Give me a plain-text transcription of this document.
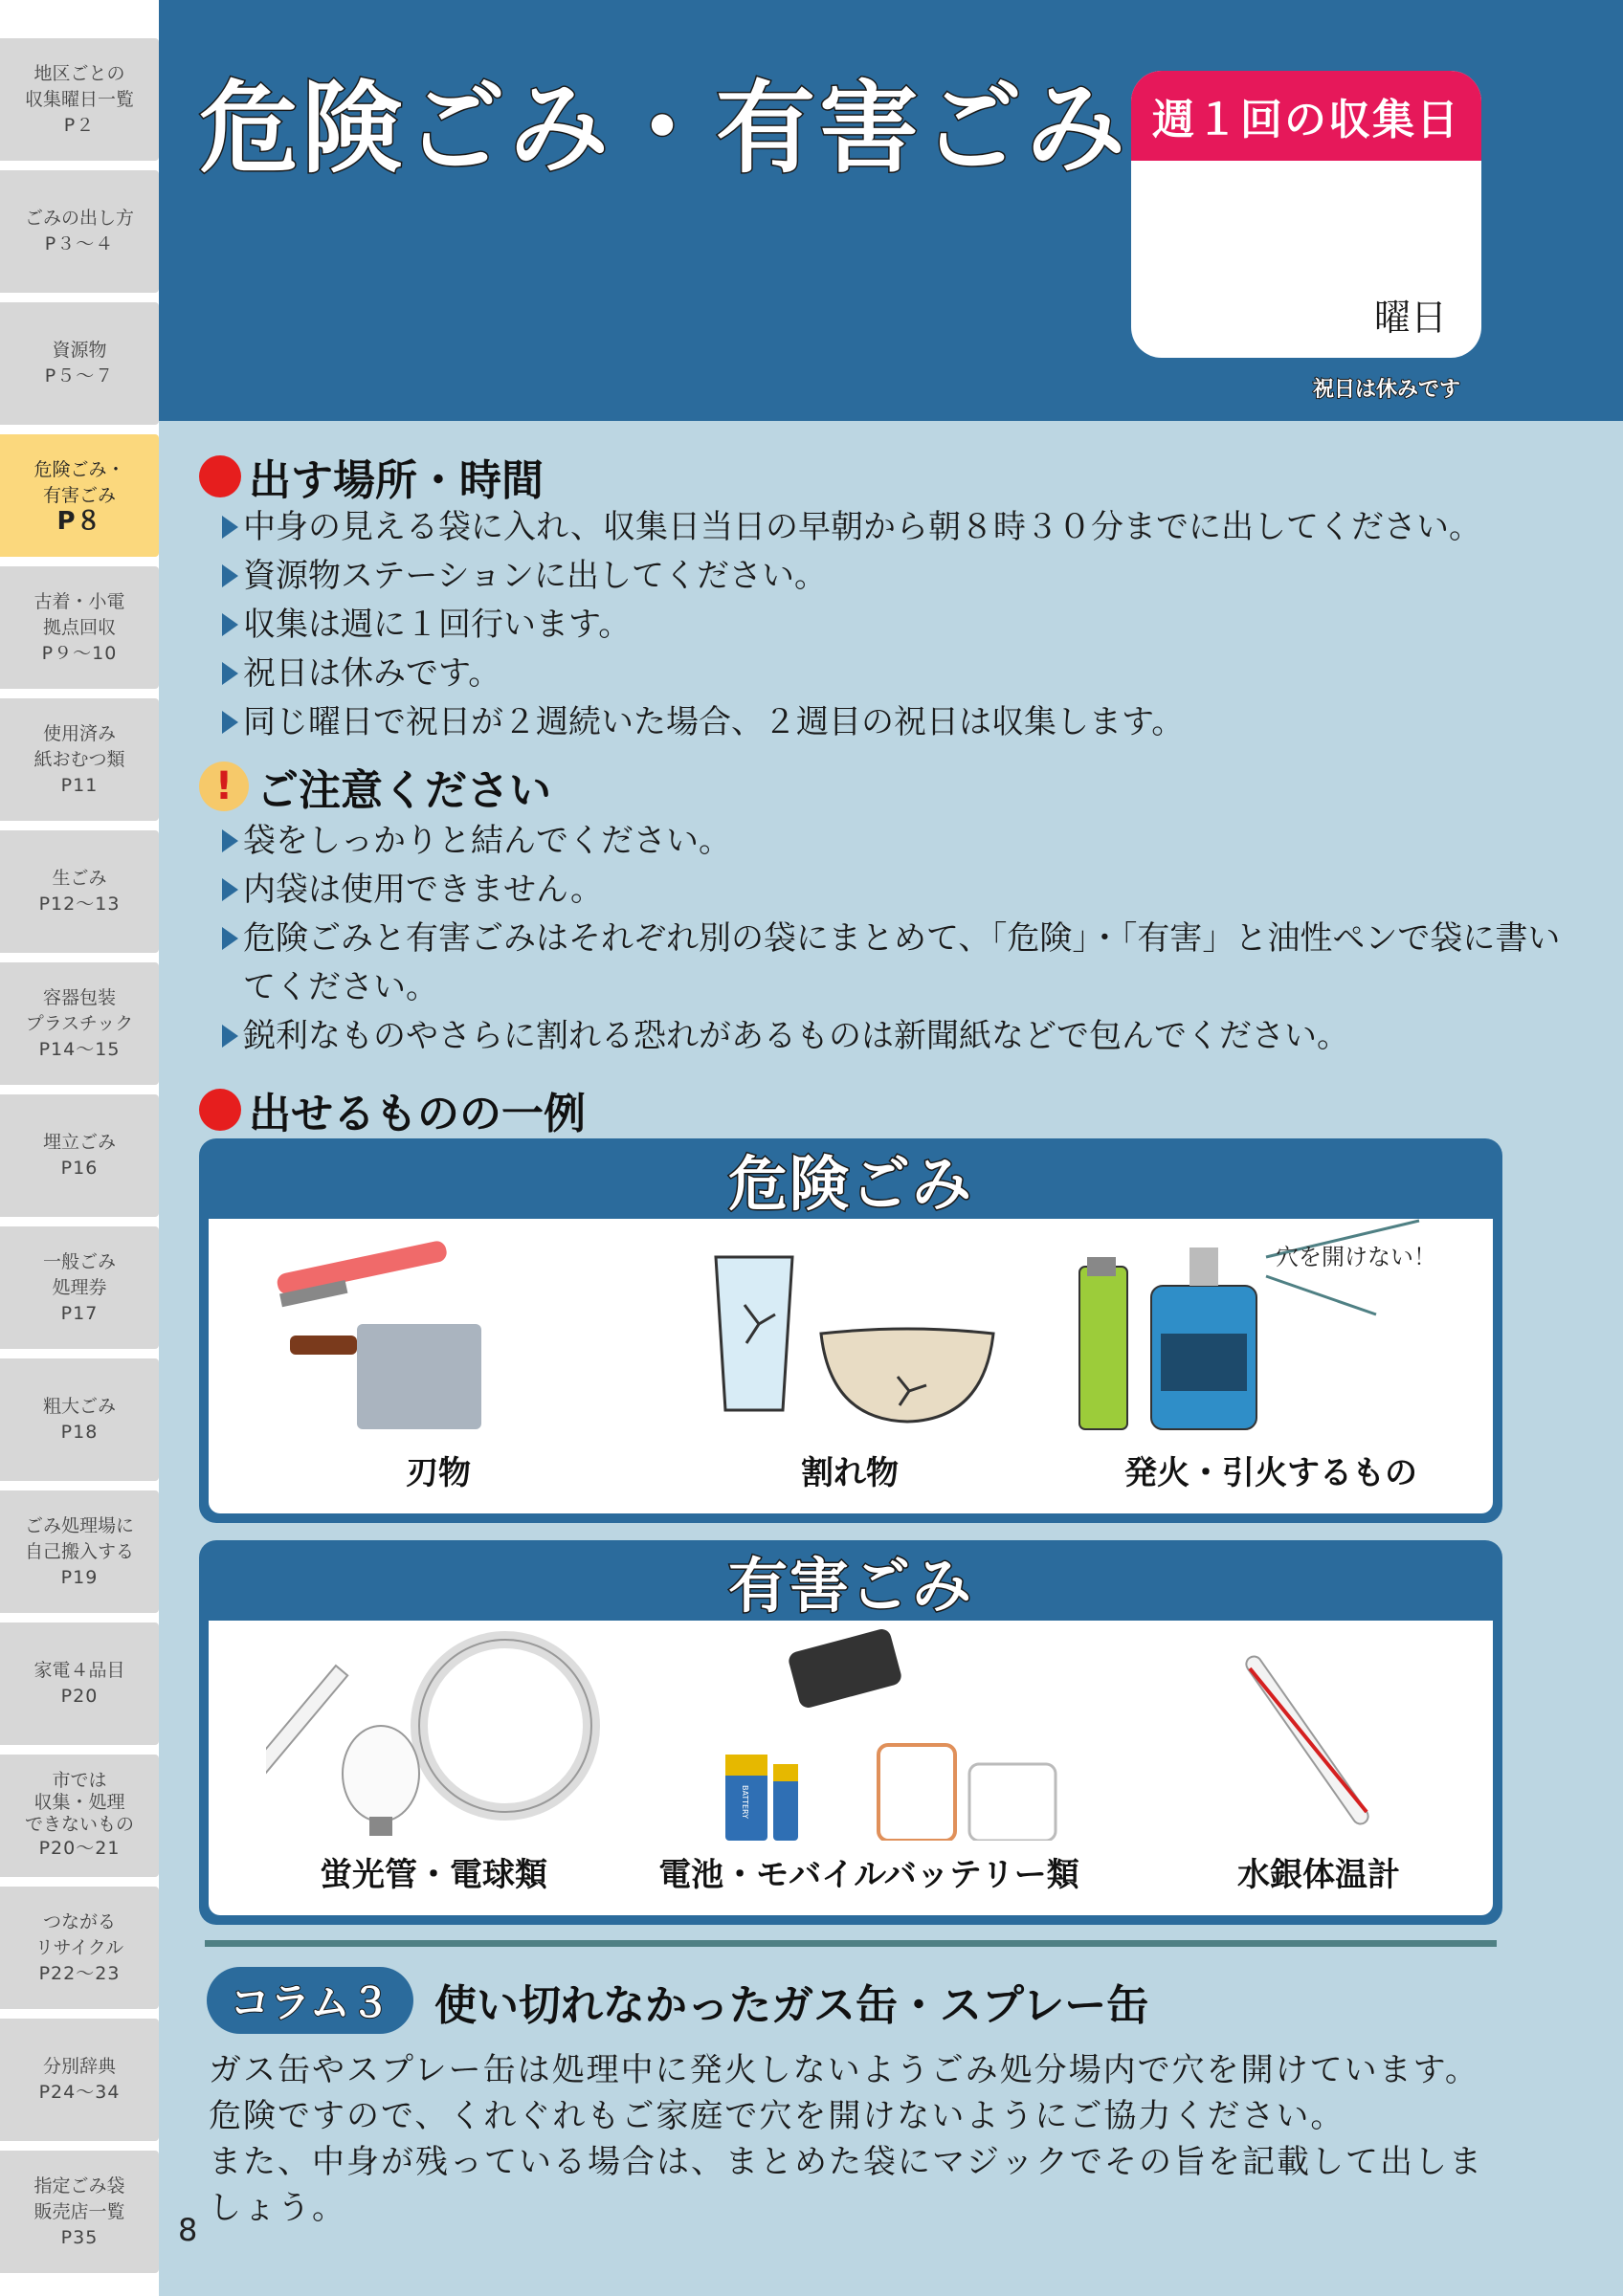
地区ごとの
収集曜日一覧
P２
ごみの出し方
P３～４
資源物
P５～７
危険ごみ・
有害ごみ
P８
古着・小電
拠点回収
P９～10
使用済み
紙おむつ類
P11
生ごみ
P12～13
容器包装
プラスチック
P14～15
埋立ごみ
P16
一般ごみ
処理券
P17
粗大ごみ
P18
ごみ処理場に
自己搬入する
P19
家電４品目
P20
市では
収集・処理
できないもの
P20～21
つながる
リサイクル
P22～23
分別辞典
P24～34
指定ごみ袋
販売店一覧
P35
危険ごみ・有害ごみ 週１回の収集日
曜日
祝日は休みです
出す場所・時間
中身の見える袋に入れ、収集日当日の早朝から朝８時３０分までに出してください。
資源物ステーションに出してください。
収集は週に１回行います。
祝日は休みです。
同じ曜日で祝日が２週続いた場合、２週目の祝日は収集します。
! ご注意ください
袋をしっかりと結んでください。
内袋は使用できません。
危険ごみと有害ごみはそれぞれ別の袋にまとめて、「危険」・「有害」と油性ペンで袋に書いてください。
鋭利なものやさらに割れる恐れがあるものは新聞紙などで包んでください。
出せるものの一例
危険ごみ
刃物	割れ物
穴を開けない！
発火・引火するもの
有害ごみ
蛍光管・電球類
BATTERY
電池・モバイルバッテリー類	水銀体温計
コラム３	使い切れなかったガス缶・スプレー缶

ガス缶やスプレー缶は処理中に発火しないようごみ処分場内で穴を開けています。

危険ですので、くれぐれもご家庭で穴を開けないようにご協力ください。

また、中身が残っている場合は、まとめた袋にマジックでその旨を記載して出しましょう。

8
